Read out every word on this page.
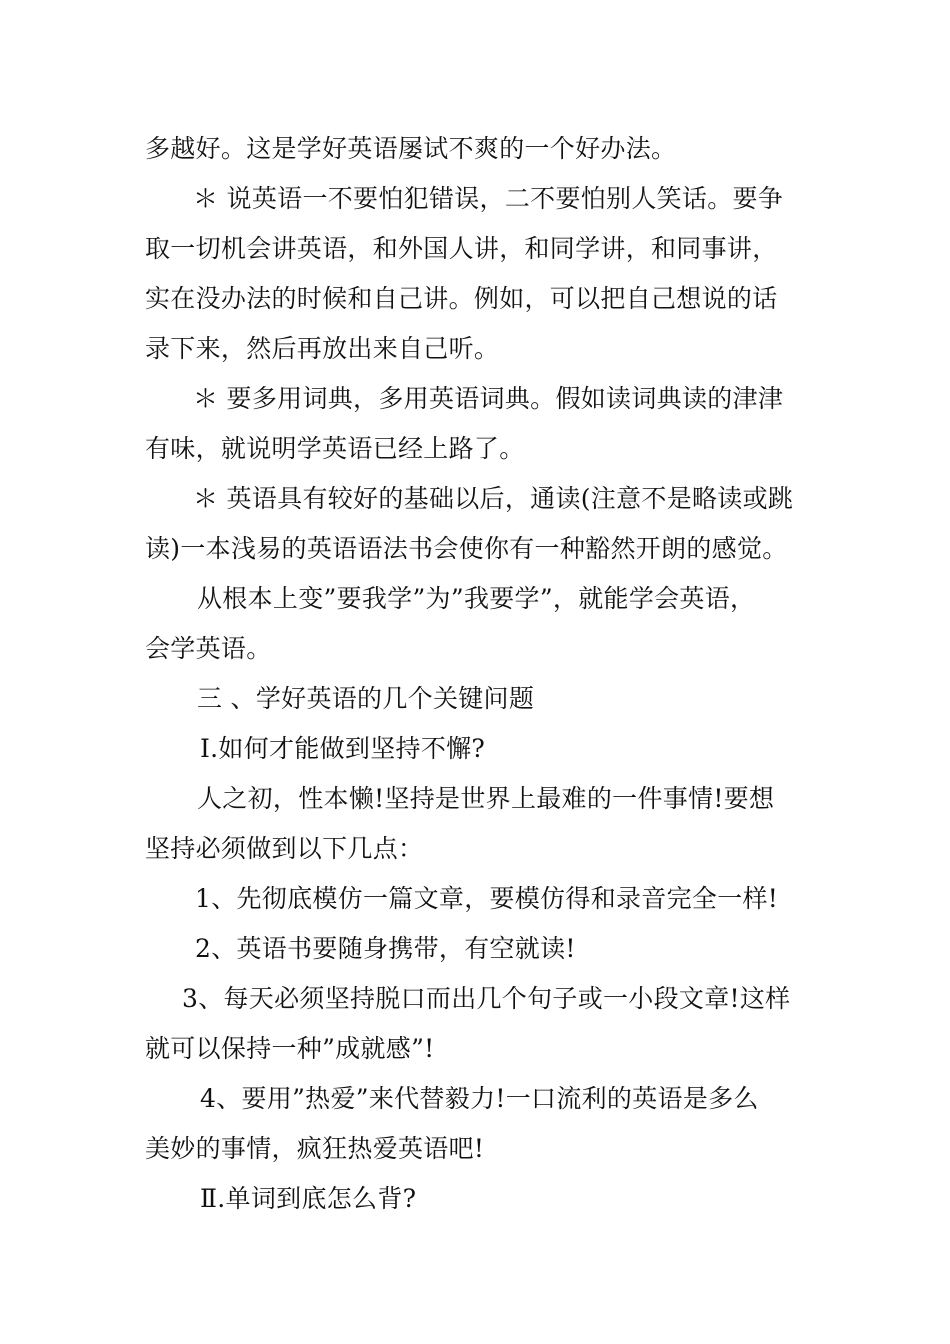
多越好。这是学好英语屡试不爽的一个好办法。
＊ 说英语一不要怕犯错误，二不要怕别人笑话。要争
取一切机会讲英语，和外国人讲，和同学讲，和同事讲，
实在没办法的时候和自己讲。例如，可以把自己想说的话
录下来，然后再放出来自己听。
＊ 要多用词典，多用英语词典。假如读词典读的津津
有味，就说明学英语已经上路了。
＊ 英语具有较好的基础以后，通读(注意不是略读或跳
读)一本浅易的英语语法书会使你有一种豁然开朗的感觉。
从根本上变”要我学”为”我要学”，就能学会英语，
会学英语。
三 、学好英语的几个关键问题
Ⅰ.如何才能做到坚持不懈?
人之初，性本懒!坚持是世界上最难的一件事情!要想
坚持必须做到以下几点：
1、先彻底模仿一篇文章，要模仿得和录音完全一样!
2、英语书要随身携带，有空就读!
3、每天必须坚持脱口而出几个句子或一小段文章!这样
就可以保持一种”成就感”!
4、要用”热爱”来代替毅力!一口流利的英语是多么
美妙的事情，疯狂热爱英语吧!
Ⅱ.单词到底怎么背?
